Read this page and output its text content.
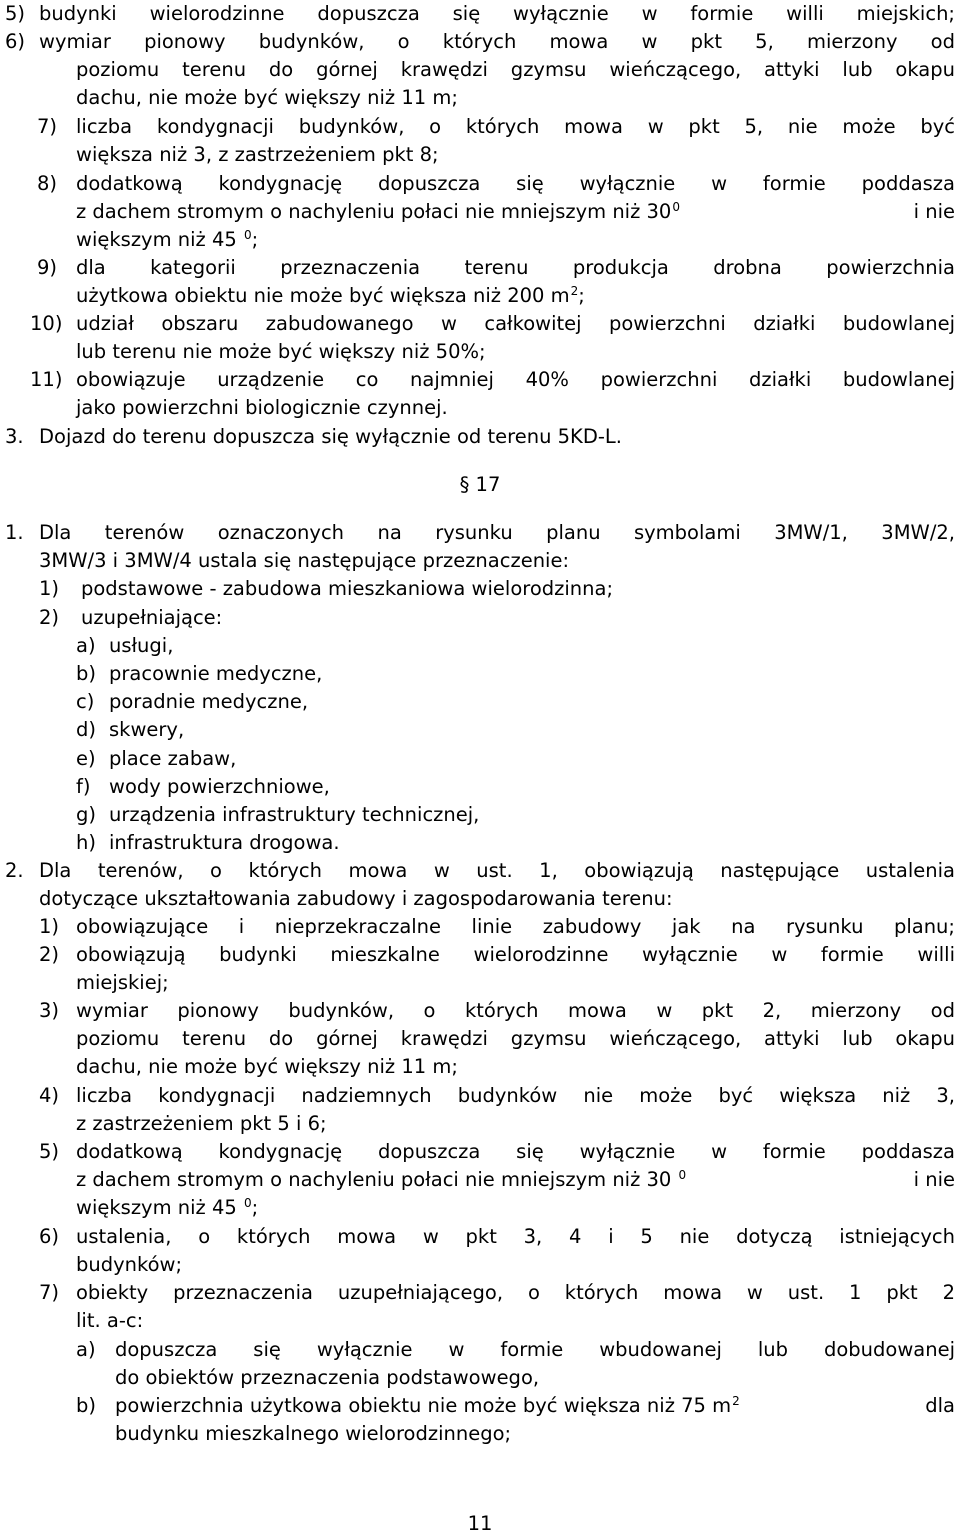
5) budynki wielorodzinne dopuszcza się wyłącznie w formie willi miejskich;
6) wymiar pionowy budynków, o których mowa w pkt 5, mierzony od
poziomu terenu do górnej krawędzi gzymsu wieńczącego, attyki lub okapu
dachu, nie może być większy niż 11 m;
7) liczba kondygnacji budynków, o których mowa w pkt 5, nie może być
większa niż 3, z zastrzeżeniem pkt 8;
8) dodatkową kondygnację dopuszcza się wyłącznie w formie poddasza
z dachem stromym o nachyleniu połaci nie mniejszym niż $30^0$	i nie
większym niż 45 $^0$;
9) dla kategorii przeznaczenia terenu produkcja drobna powierzchnia
użytkowa obiektu nie może być większa niż 200 $m^2$;
10) udział obszaru zabudowanego w całkowitej powierzchni działki budowlanej
lub terenu nie może być większy niż 50%;
11) obowiązuje urządzenie co najmniej 40% powierzchni działki budowlanej
jako powierzchni biologicznie czynnej.
3. Dojazd do terenu dopuszcza się wyłącznie od terenu 5KD-L.
§ 17
1. Dla terenów oznaczonych na rysunku planu symbolami 3MW/1, 3MW/2,
3MW/3 i 3MW/4 ustala się następujące przeznaczenie:
1)	podstawowe - zabudowa mieszkaniowa wielorodzinna;
2)	uzupełniające:
a) usługi,
b) pracownie medyczne,
c) poradnie medyczne,
d) skwery,
e) place zabaw,
f) wody powierzchniowe,
g) urządzenia infrastruktury technicznej,
h) infrastruktura drogowa.
2. Dla terenów, o których mowa w ust. 1, obowiązują następujące ustalenia
dotyczące ukształtowania zabudowy i zagospodarowania terenu:
1) obowiązujące i nieprzekraczalne linie zabudowy jak na rysunku planu;
2) obowiązują budynki mieszkalne wielorodzinne wyłącznie w formie willi
miejskiej;
3) wymiar pionowy budynków, o których mowa w pkt 2, mierzony od
poziomu terenu do górnej krawędzi gzymsu wieńczącego, attyki lub okapu
dachu, nie może być większy niż 11 m;
4) liczba kondygnacji nadziemnych budynków nie może być większa niż 3,
z zastrzeżeniem pkt 5 i 6;
5) dodatkową kondygnację dopuszcza się wyłącznie w formie poddasza
z dachem stromym o nachyleniu połaci nie mniejszym niż 30 $^0$	i nie
większym niż 45 $^0$;
6) ustalenia, o których mowa w pkt 3, 4 i 5 nie dotyczą istniejących
budynków;
7) obiekty przeznaczenia uzupełniającego, o których mowa w ust. 1 pkt 2
lit. a-c:
a) dopuszcza się wyłącznie w formie wbudowanej lub dobudowanej
do obiektów przeznaczenia podstawowego,
b) powierzchnia użytkowa obiektu nie może być większa niż 75 $m^2$	dla
budynku mieszkalnego wielorodzinnego;
11
